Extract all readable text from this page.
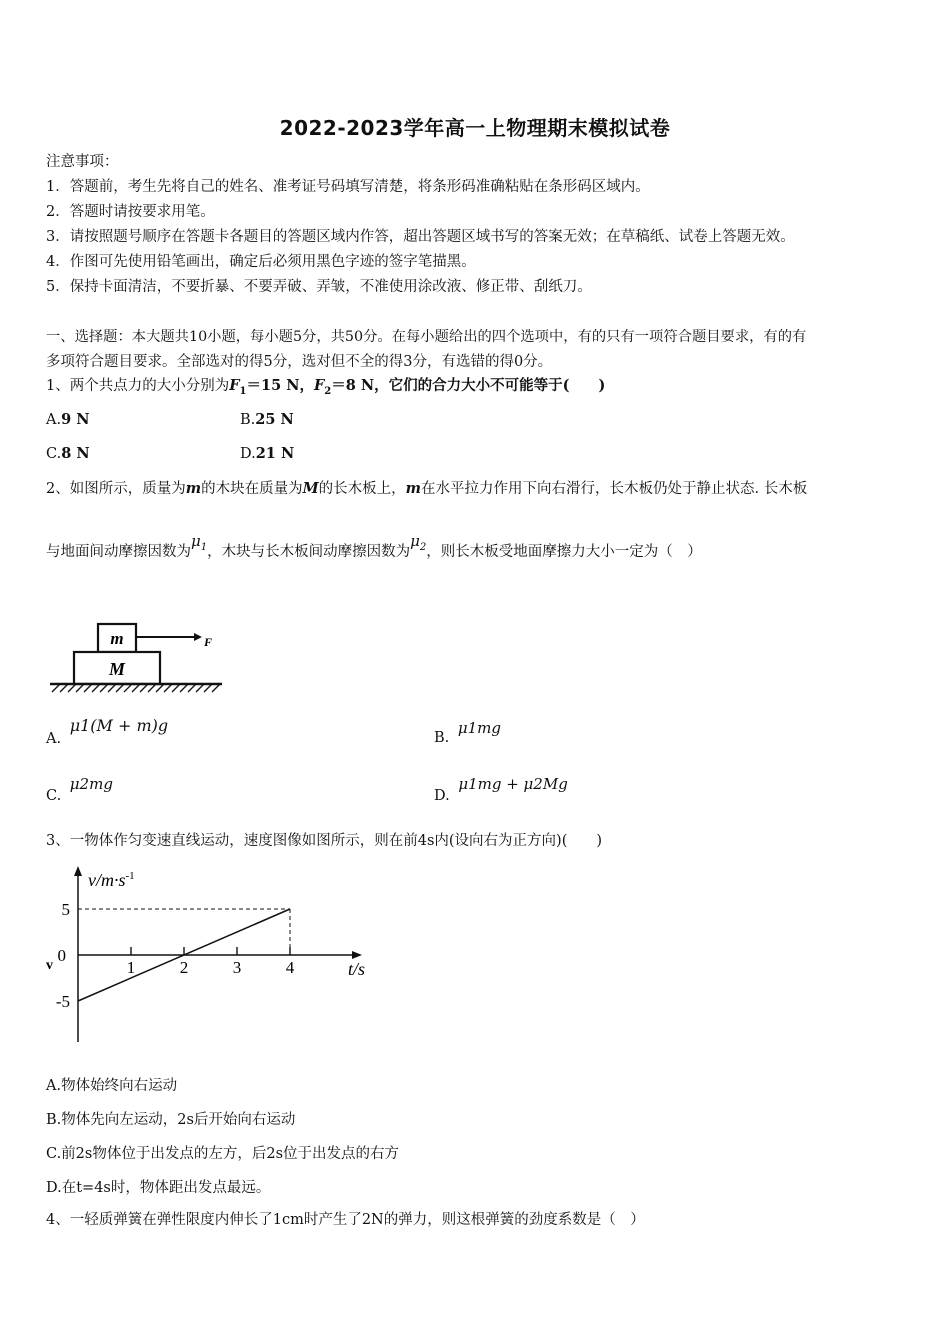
2022-2023学年高一上物理期末模拟试卷
注意事项：
1．答题前，考生先将自己的姓名、准考证号码填写清楚，将条形码准确粘贴在条形码区域内。
2．答题时请按要求用笔。
3．请按照题号顺序在答题卡各题目的答题区域内作答，超出答题区域书写的答案无效；在草稿纸、试卷上答题无效。
4．作图可先使用铅笔画出，确定后必须用黑色字迹的签字笔描黑。
5．保持卡面清洁，不要折暴、不要弄破、弄皱，不准使用涂改液、修正带、刮纸刀。
一、选择题：本大题共10小题，每小题5分，共50分。在每小题给出的四个选项中，有的只有一项符合题目要求，有的有
多项符合题目要求。全部选对的得5分，选对但不全的得3分，有选错的得0分。
1、两个共点力的大小分别为$F_1=15$ N，$F_2=8$ N，它们的合力大小不可能等于(　　)
A.9 N	B.25 N
C.8 N	D.21 N
2、如图所示，质量为m的木块在质量为M的长木板上，m在水平拉力作用下向右滑行，长木板仍处于静止状态. 长木板
与地面间动摩擦因数为$\mu_1$，木块与长木板间动摩擦因数为$\mu_2$，则长木板受地面摩擦力大小一定为（　）
m
M
F
A. μ1(M + m)g
B. μ1mg
C. μ2mg
D. μ1mg + μ2Mg
3、一物体作匀变速直线运动，速度图像如图所示，则在前4s内(设向右为正方向)(　　)
$v/m\cdot s^{-1}$
t/s
v	1	2	3	4
5
0
-5
A.物体始终向右运动
B.物体先向左运动，2s后开始向右运动
C.前2s物体位于出发点的左方，后2s位于出发点的右方
D.在t=4s时，物体距出发点最远。
4、一轻质弹簧在弹性限度内伸长了1cm时产生了2N的弹力，则这根弹簧的劲度系数是（　）
